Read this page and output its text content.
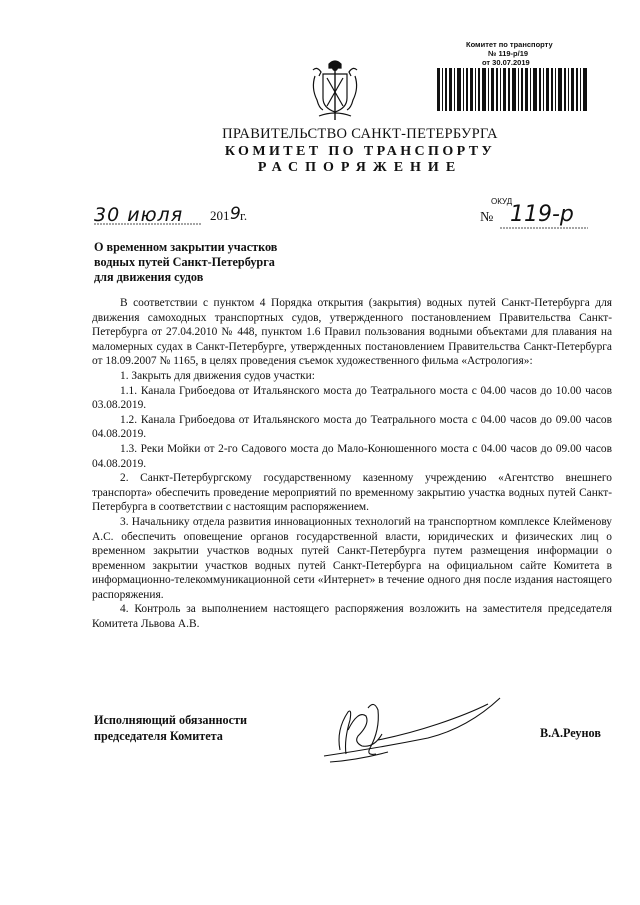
Комитет по транспорту
№ 119-р/19
от 30.07.2019
ПРАВИТЕЛЬСТВО САНКТ-ПЕТЕРБУРГА
КОМИТЕТ ПО ТРАНСПОРТУ
РАСПОРЯЖЕНИЕ
ОКУД
30 июля 201 9
г.	№ 119-р
О временном закрытии участков
водных путей Санкт-Петербурга
для движения судов

В соответствии с пунктом 4 Порядка открытия (закрытия) водных путей Санкт-Петербурга для движения самоходных транспортных судов, утвержденного постановлением Правительства Санкт-Петербурга от 27.04.2010 № 448, пунктом 1.6 Правил пользования водными объектами для плавания на маломерных судах в Санкт-Петербурге, утвержденных постановлением Правительства Санкт-Петербурга от 18.09.2007 № 1165, в целях проведения съемок художественного фильма «Астрология»:

1. Закрыть для движения судов участки:

1.1. Канала Грибоедова от Итальянского моста до Театрального моста с 04.00 часов до 10.00 часов 03.08.2019.

1.2. Канала Грибоедова от Итальянского моста до Театрального моста с 04.00 часов до 09.00 часов 04.08.2019.

1.3. Реки Мойки от 2-го Садового моста до Мало-Конюшенного моста с 04.00 часов до 09.00 часов 04.08.2019.

2. Санкт-Петербургскому государственному казенному учреждению «Агентство внешнего транспорта» обеспечить проведение мероприятий по временному закрытию участка водных путей Санкт-Петербурга в соответствии с настоящим распоряжением.

3. Начальнику отдела развития инновационных технологий на транспортном комплексе Клейменову А.С. обеспечить оповещение органов государственной власти, юридических и физических лиц о временном закрытии участков водных путей Санкт-Петербурга путем размещения информации о временном закрытии участков водных путей Санкт-Петербурга на официальном сайте Комитета в информационно-телекоммуникационной сети «Интернет» в течение одного дня после издания настоящего распоряжения.

4. Контроль за выполнением настоящего распоряжения возложить на заместителя председателя Комитета Львова А.В.

Исполняющий обязанности
председателя Комитета	В.А.Реунов
